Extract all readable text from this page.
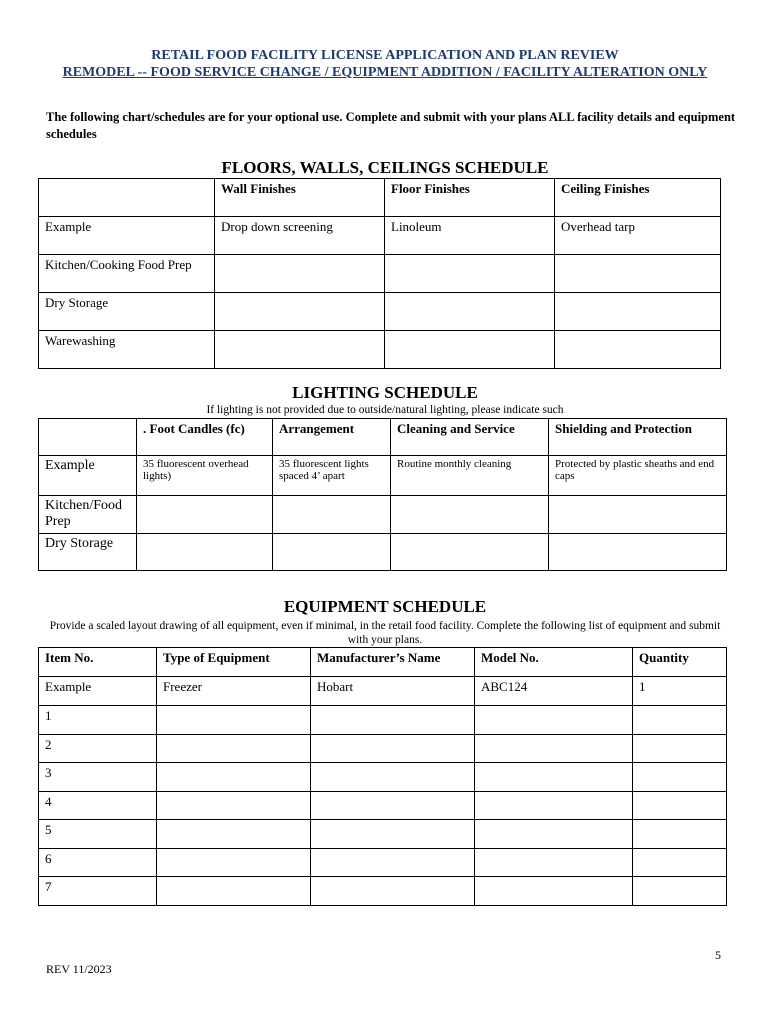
RETAIL FOOD FACILITY LICENSE APPLICATION AND PLAN REVIEW
REMODEL -- FOOD SERVICE CHANGE / EQUIPMENT ADDITION / FACILITY ALTERATION ONLY
The following chart/schedules are for your optional use. Complete and submit with your plans ALL facility details and equipment schedules
FLOORS, WALLS, CEILINGS SCHEDULE
	Wall Finishes	Floor Finishes	Ceiling Finishes
Example	Drop down screening	Linoleum	Overhead tarp
Kitchen/Cooking Food Prep			
Dry Storage			
Warewashing			
LIGHTING SCHEDULE
If lighting is not provided due to outside/natural lighting, please indicate such
	. Foot Candles (fc)	Arrangement	Cleaning and Service	Shielding and Protection
Example	35 fluorescent overhead lights)	35 fluorescent lights spaced 4’ apart	Routine monthly cleaning	Protected by plastic sheaths and end caps
Kitchen/Food Prep				
Dry Storage				
EQUIPMENT SCHEDULE
Provide a scaled layout drawing of all equipment, even if minimal, in the retail food facility. Complete the following list of equipment and submit with your plans.
Item No.	Type of Equipment	Manufacturer’s Name	Model No.	Quantity
Example	Freezer	Hobart	ABC124	1
1				
2				
3				
4				
5				
6				
7				
5
REV 11/2023
